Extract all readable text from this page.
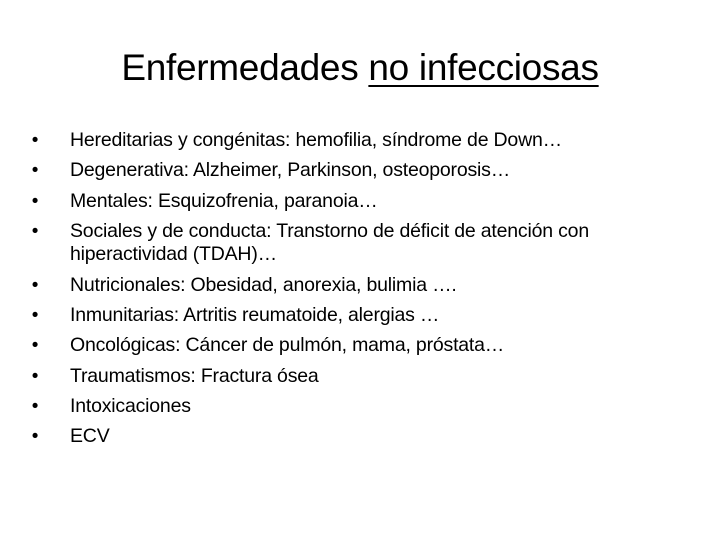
Enfermedades no infecciosas
• Hereditarias y congénitas: hemofilia, síndrome de Down…
• Degenerativa: Alzheimer, Parkinson, osteoporosis…
• Mentales: Esquizofrenia, paranoia…
• Sociales y de conducta: Transtorno de déficit de atención con hiperactividad (TDAH)…
• Nutricionales: Obesidad, anorexia, bulimia ….
• Inmunitarias: Artritis reumatoide, alergias …
• Oncológicas: Cáncer de pulmón, mama, próstata…
• Traumatismos: Fractura ósea
• Intoxicaciones
• ECV
